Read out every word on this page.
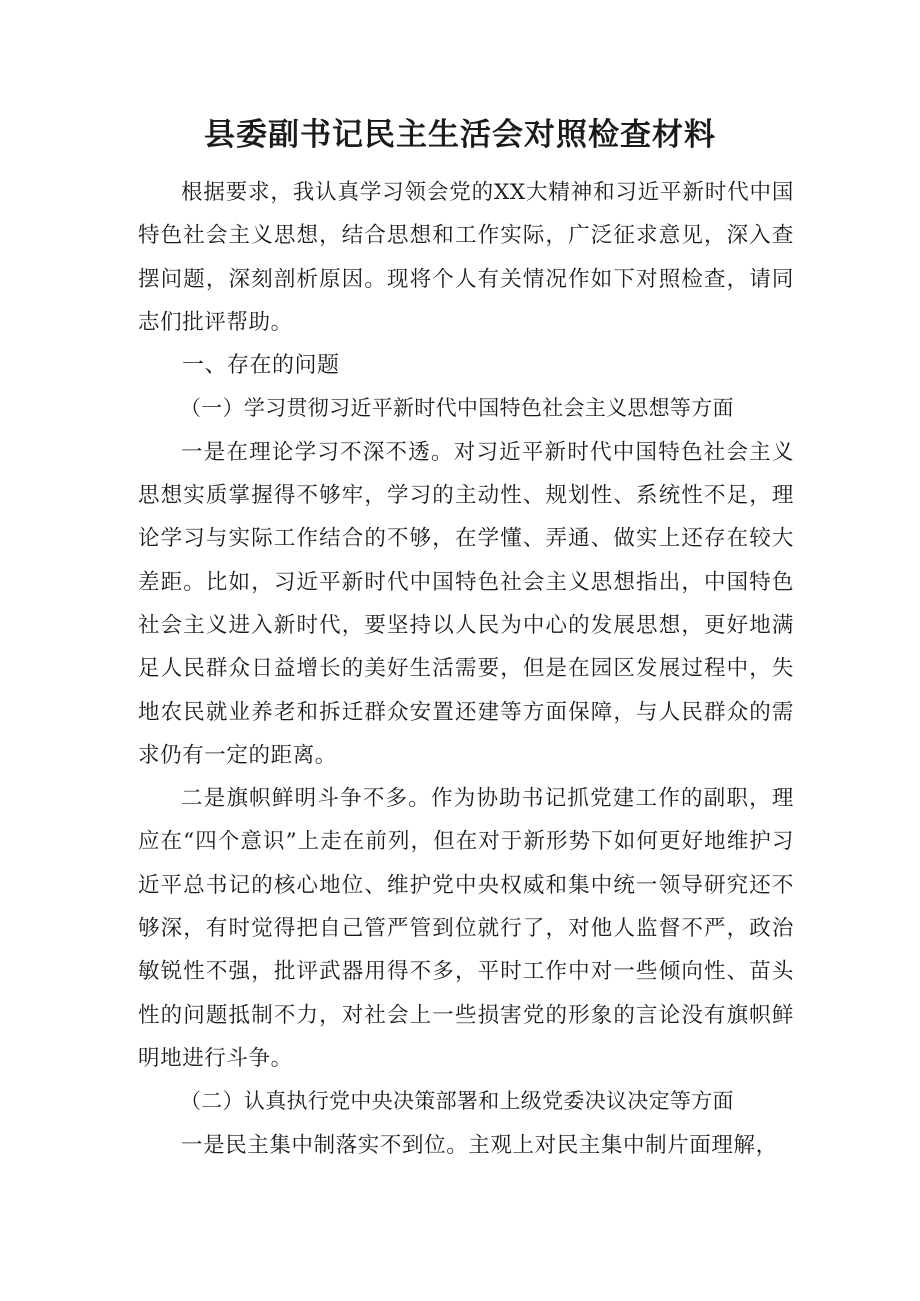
县委副书记民主生活会对照检查材料

根据要求，我认真学习领会党的XX大精神和习近平新时代中国特色社会主义思想，结合思想和工作实际，广泛征求意见，深入查摆问题，深刻剖析原因。现将个人有关情况作如下对照检查，请同志们批评帮助。

一、存在的问题

（一）学习贯彻习近平新时代中国特色社会主义思想等方面

一是在理论学习不深不透。对习近平新时代中国特色社会主义思想实质掌握得不够牢，学习的主动性、规划性、系统性不足，理论学习与实际工作结合的不够，在学懂、弄通、做实上还存在较大差距。比如，习近平新时代中国特色社会主义思想指出，中国特色社会主义进入新时代，要坚持以人民为中心的发展思想，更好地满足人民群众日益增长的美好生活需要，但是在园区发展过程中，失地农民就业养老和拆迁群众安置还建等方面保障，与人民群众的需求仍有一定的距离。

二是旗帜鲜明斗争不多。作为协助书记抓党建工作的副职，理应在“四个意识”上走在前列，但在对于新形势下如何更好地维护习近平总书记的核心地位、维护党中央权威和集中统一领导研究还不够深，有时觉得把自己管严管到位就行了，对他人监督不严，政治敏锐性不强，批评武器用得不多，平时工作中对一些倾向性、苗头性的问题抵制不力，对社会上一些损害党的形象的言论没有旗帜鲜明地进行斗争。

（二）认真执行党中央决策部署和上级党委决议决定等方面

一是民主集中制落实不到位。主观上对民主集中制片面理解，
